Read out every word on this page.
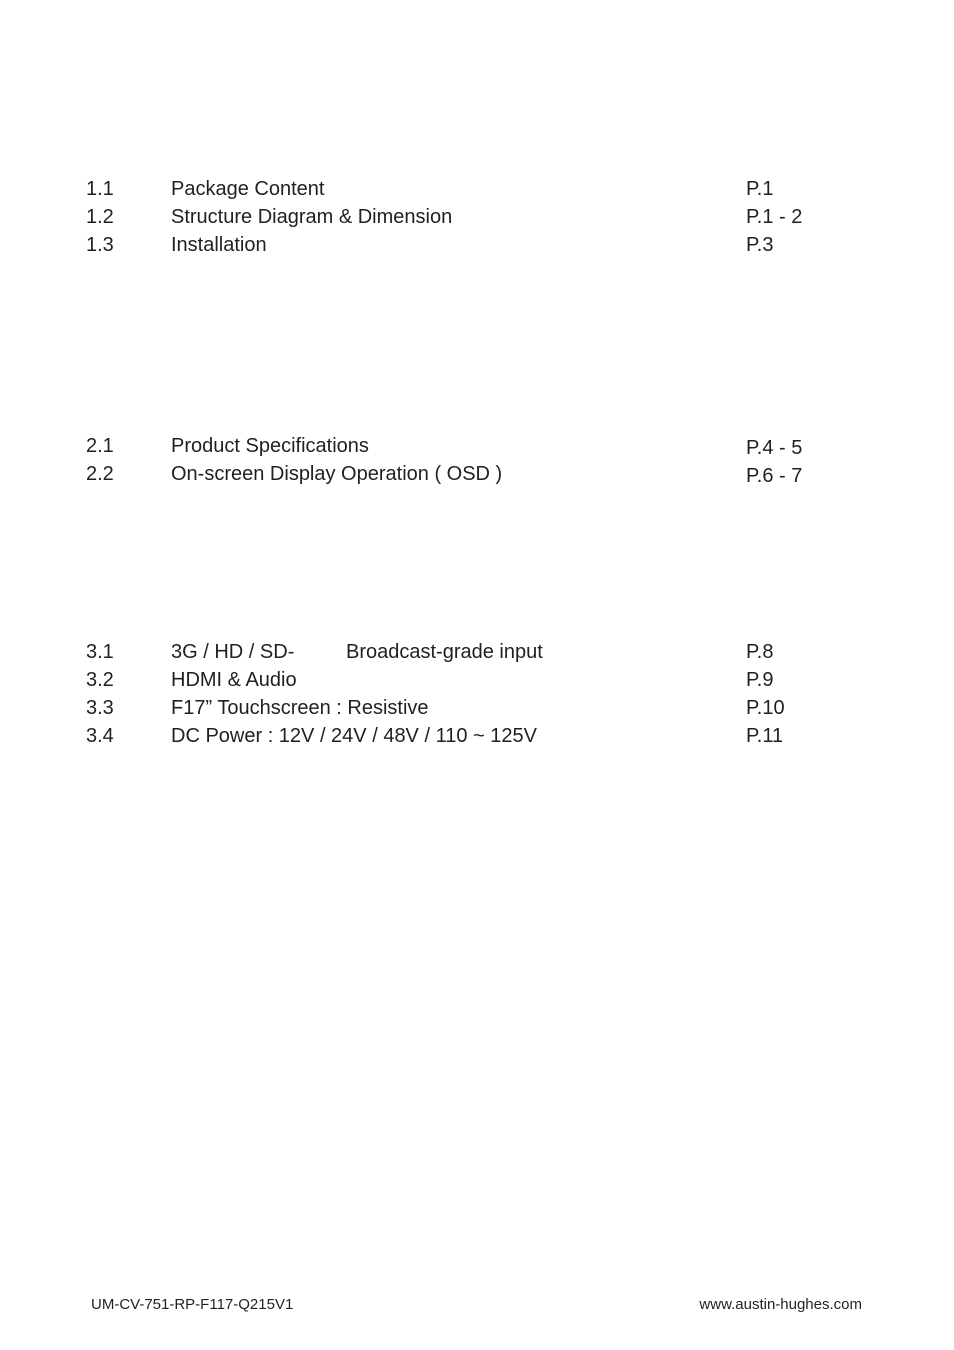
1.1	Package Content	P.1
1.2	Structure Diagram & Dimension	P.1 - 2
1.3	Installation	P.3
2.1	Product Specifications	P.4 - 5
2.2	On-screen Display Operation ( OSD )	P.6 - 7
3.1	3G / HD / SD-	Broadcast-grade input	P.8
3.2	HDMI & Audio	P.9
3.3	F17” Touchscreen : Resistive	P.10
3.4	DC Power : 12V / 24V / 48V / 110 ~ 125V	P.11
UM-CV-751-RP-F117-Q215V1	www.austin-hughes.com
